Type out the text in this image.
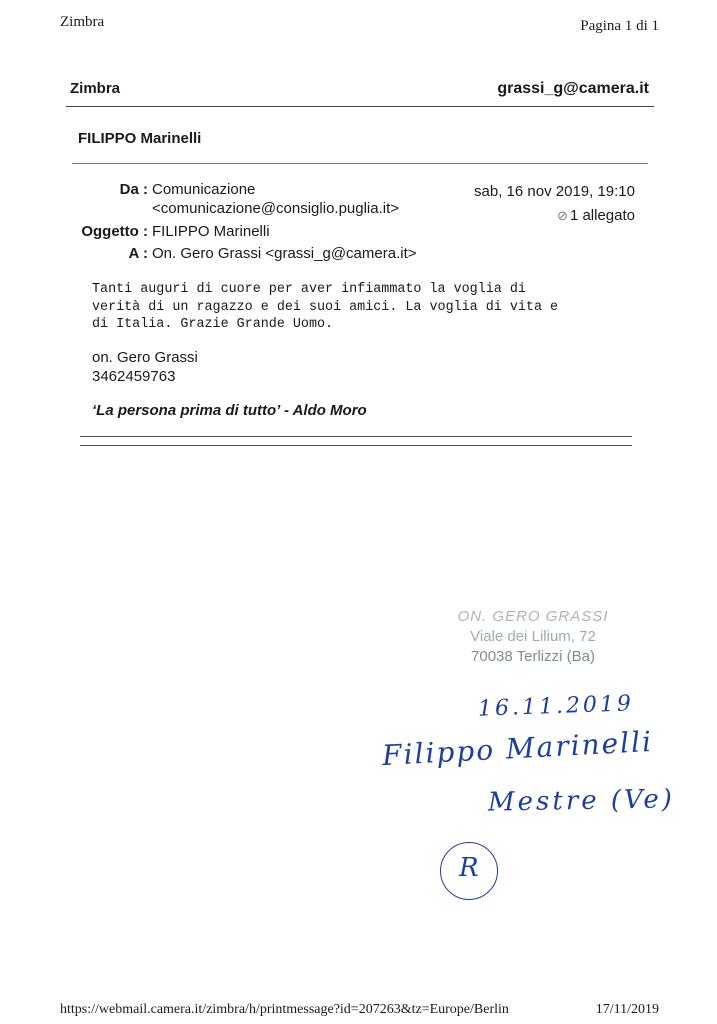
Zimbra	Pagina 1 di 1
Zimbra	grassi_g@camera.it
FILIPPO Marinelli
Da : Comunicazione
<comunicazione@consiglio.puglia.it>
sab, 16 nov 2019, 19:10
⊘ 1 allegato
Oggetto : FILIPPO Marinelli
A : On. Gero Grassi <grassi_g@camera.it>
Tanti auguri di cuore per aver infiammato la voglia di
verità di un ragazzo e dei suoi amici. La voglia di vita e
di Italia. Grazie Grande Uomo.
on. Gero Grassi
3462459763
‘La persona prima di tutto’ - Aldo Moro
ON. GERO GRASSI
Viale dei Lilium, 72
70038 Terlizzi (Ba)
16.11.2019
Filippo Marinelli
Mestre (Ve)
R
https://webmail.camera.it/zimbra/h/printmessage?id=207263&tz=Europe/Berlin	17/11/2019
